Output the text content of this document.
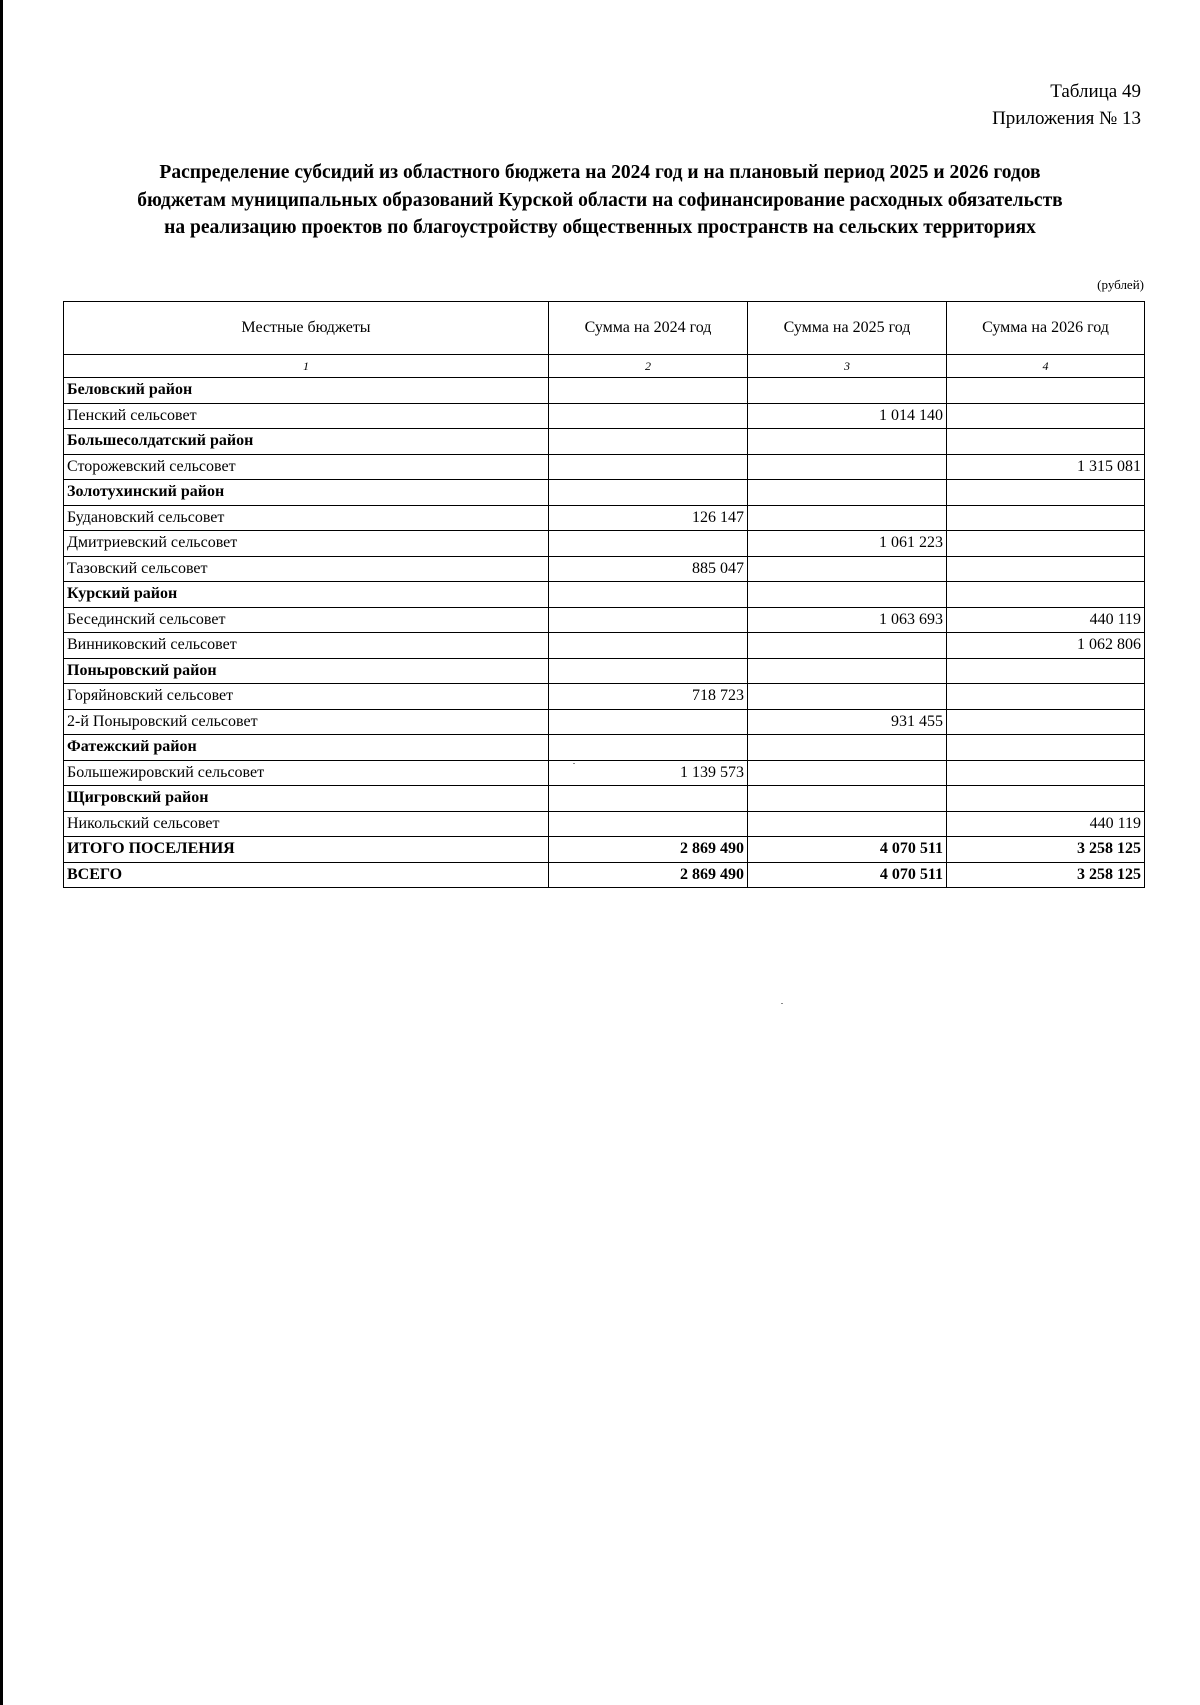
Таблица 49
Приложения № 13
Распределение субсидий из областного бюджета на 2024 год и на плановый период 2025 и 2026 годов
бюджетам муниципальных образований Курской области на софинансирование расходных обязательств
на реализацию проектов по благоустройству общественных пространств на сельских территориях
(рублей)
Местные бюджеты	Сумма на 2024 год	Сумма на 2025 год	Сумма на 2026 год
1	2	3	4
Беловский район			
Пенский сельсовет		1 014 140	
Большесолдатский район			
Сторожевский сельсовет			1 315 081
Золотухинский район			
Будановский сельсовет	126 147		
Дмитриевский сельсовет		1 061 223	
Тазовский сельсовет	885 047		
Курский район			
Бесединский сельсовет		1 063 693	440 119
Винниковский сельсовет			1 062 806
Поныровский район			
Горяйновский сельсовет	718 723		
2-й Поныровский сельсовет		931 455	
Фатежский район			
Большежировский сельсовет	1 139 573		
Щигровский район			
Никольский сельсовет			440 119
ИТОГО ПОСЕЛЕНИЯ	2 869 490	4 070 511	3 258 125
ВСЕГО	2 869 490	4 070 511	3 258 125
